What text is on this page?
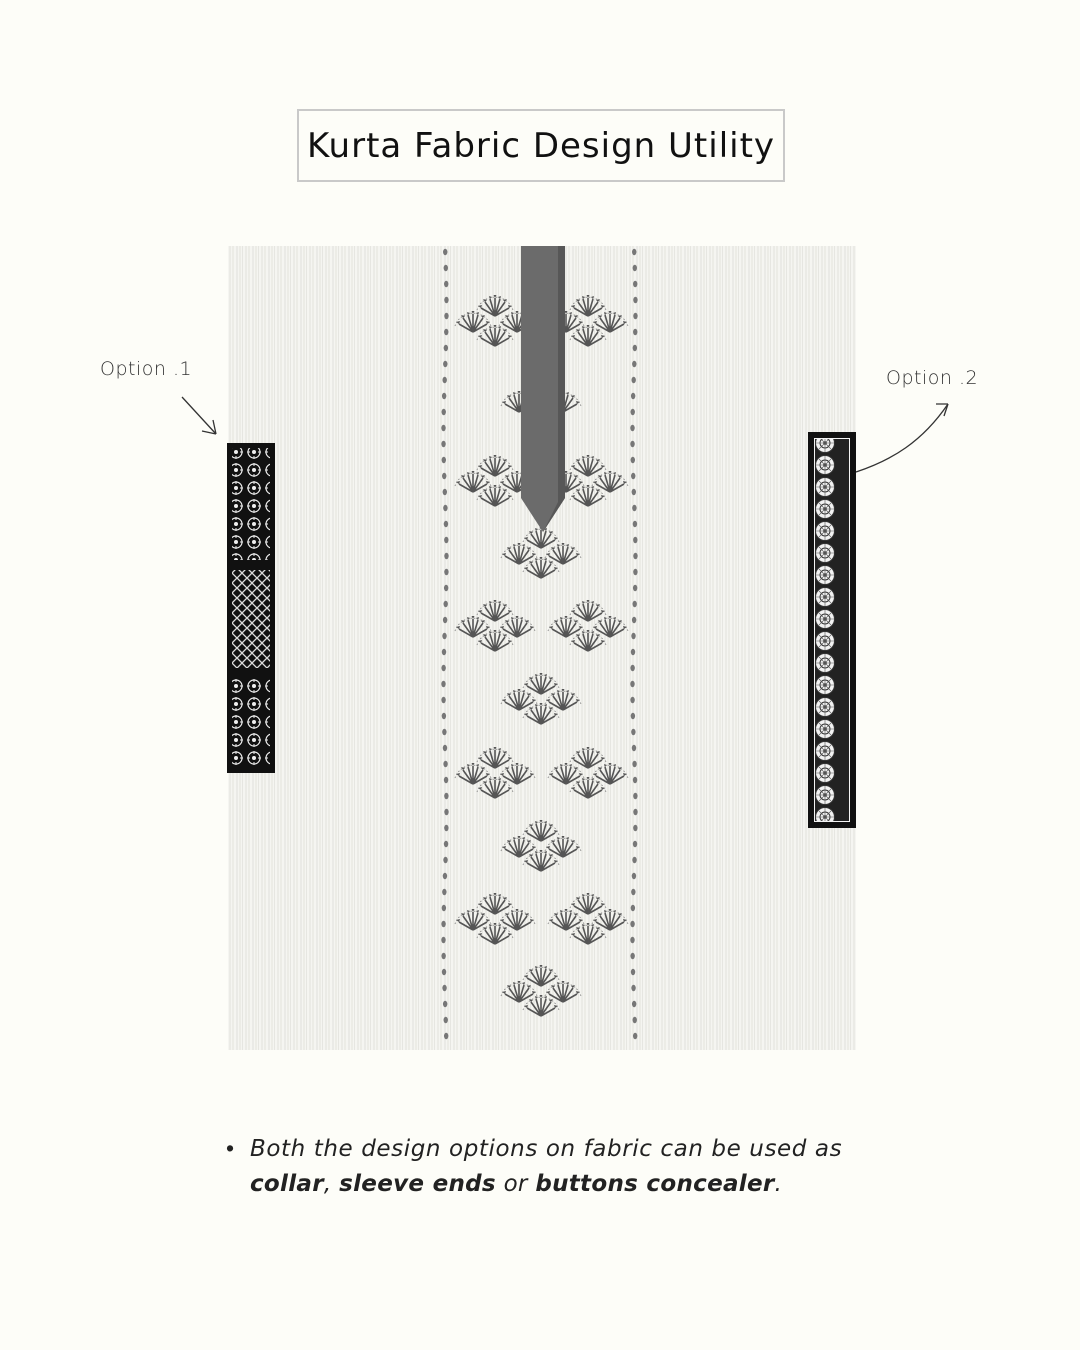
Kurta Fabric Design Utility
Option .1	Option .2
• Both the design options on fabric can be used as
collar, sleeve ends or buttons concealer.
